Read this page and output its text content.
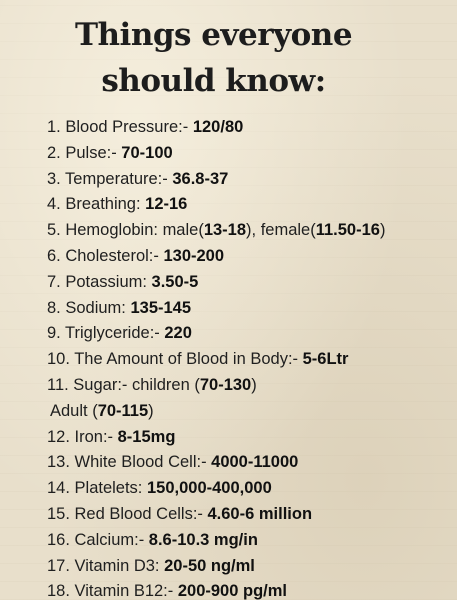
Things everyone
should know:
1. Blood Pressure:- 120/80
2. Pulse:- 70-100
3. Temperature:- 36.8-37
4. Breathing: 12-16
5. Hemoglobin: male(13-18), female(11.50-16)
6. Cholesterol:- 130-200
7. Potassium: 3.50-5
8. Sodium: 135-145
9. Triglyceride:- 220
10. The Amount of Blood in Body:- 5-6Ltr
11. Sugar:- children (70-130)
Adult (70-115)
12. Iron:- 8-15mg
13. White Blood Cell:- 4000-11000
14. Platelets: 150,000-400,000
15. Red Blood Cells:- 4.60-6 million
16. Calcium:- 8.6-10.3 mg/in
17. Vitamin D3: 20-50 ng/ml
18. Vitamin B12:- 200-900 pg/ml
